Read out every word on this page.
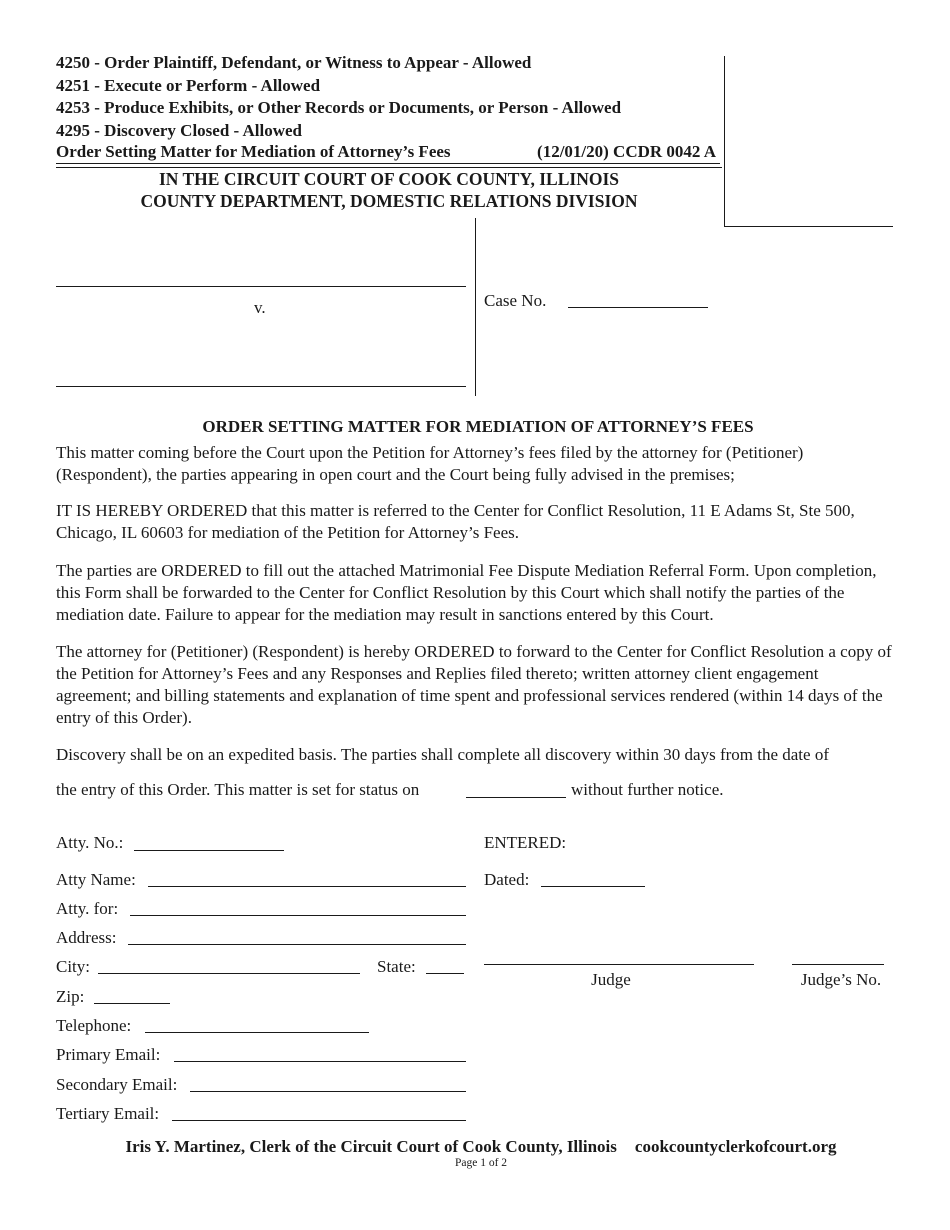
4250 - Order Plaintiff, Defendant, or Witness to Appear - Allowed
4251 - Execute or Perform - Allowed
4253 - Produce Exhibits, or Other Records or Documents, or Person - Allowed
4295 - Discovery Closed - Allowed
Order Setting Matter for Mediation of Attorney’s Fees	(12/01/20) CCDR 0042 A
IN THE CIRCUIT COURT OF COOK COUNTY, ILLINOIS
COUNTY DEPARTMENT, DOMESTIC RELATIONS DIVISION
v.	Case No.
ORDER SETTING MATTER FOR MEDIATION OF ATTORNEY’S FEES
This matter coming before the Court upon the Petition for Attorney’s fees filed by the attorney for (Petitioner) (Respondent), the parties appearing in open court and the Court being fully advised in the premises;
IT IS HEREBY ORDERED that this matter is referred to the Center for Conflict Resolution, 11 E Adams St, Ste 500, Chicago, IL 60603 for mediation of the Petition for Attorney’s Fees.
The parties are ORDERED to fill out the attached Matrimonial Fee Dispute Mediation Referral Form. Upon completion, this Form shall be forwarded to the Center for Conflict Resolution by this Court which shall notify the parties of the mediation date. Failure to appear for the mediation may result in sanctions entered by this Court.
The attorney for (Petitioner) (Respondent) is hereby ORDERED to forward to the Center for Conflict Resolution a copy of the Petition for Attorney’s Fees and any Responses and Replies filed thereto; written attorney client engagement agreement; and billing statements and explanation of time spent and professional services rendered (within 14 days of the entry of this Order).
Discovery shall be on an expedited basis. The parties shall complete all discovery within 30 days from the date of
the entry of this Order. This matter is set for status on	without further notice.
Atty. No.:
Atty Name:
Atty. for:
Address:
City:	State:
Zip:
Telephone:
Primary Email:
Secondary Email:
Tertiary Email:
ENTERED:
Dated:
Judge	Judge’s No.
Iris Y. Martinez, Clerk of the Circuit Court of Cook County, Illinois cookcountyclerkofcourt.org
Page 1 of 2
